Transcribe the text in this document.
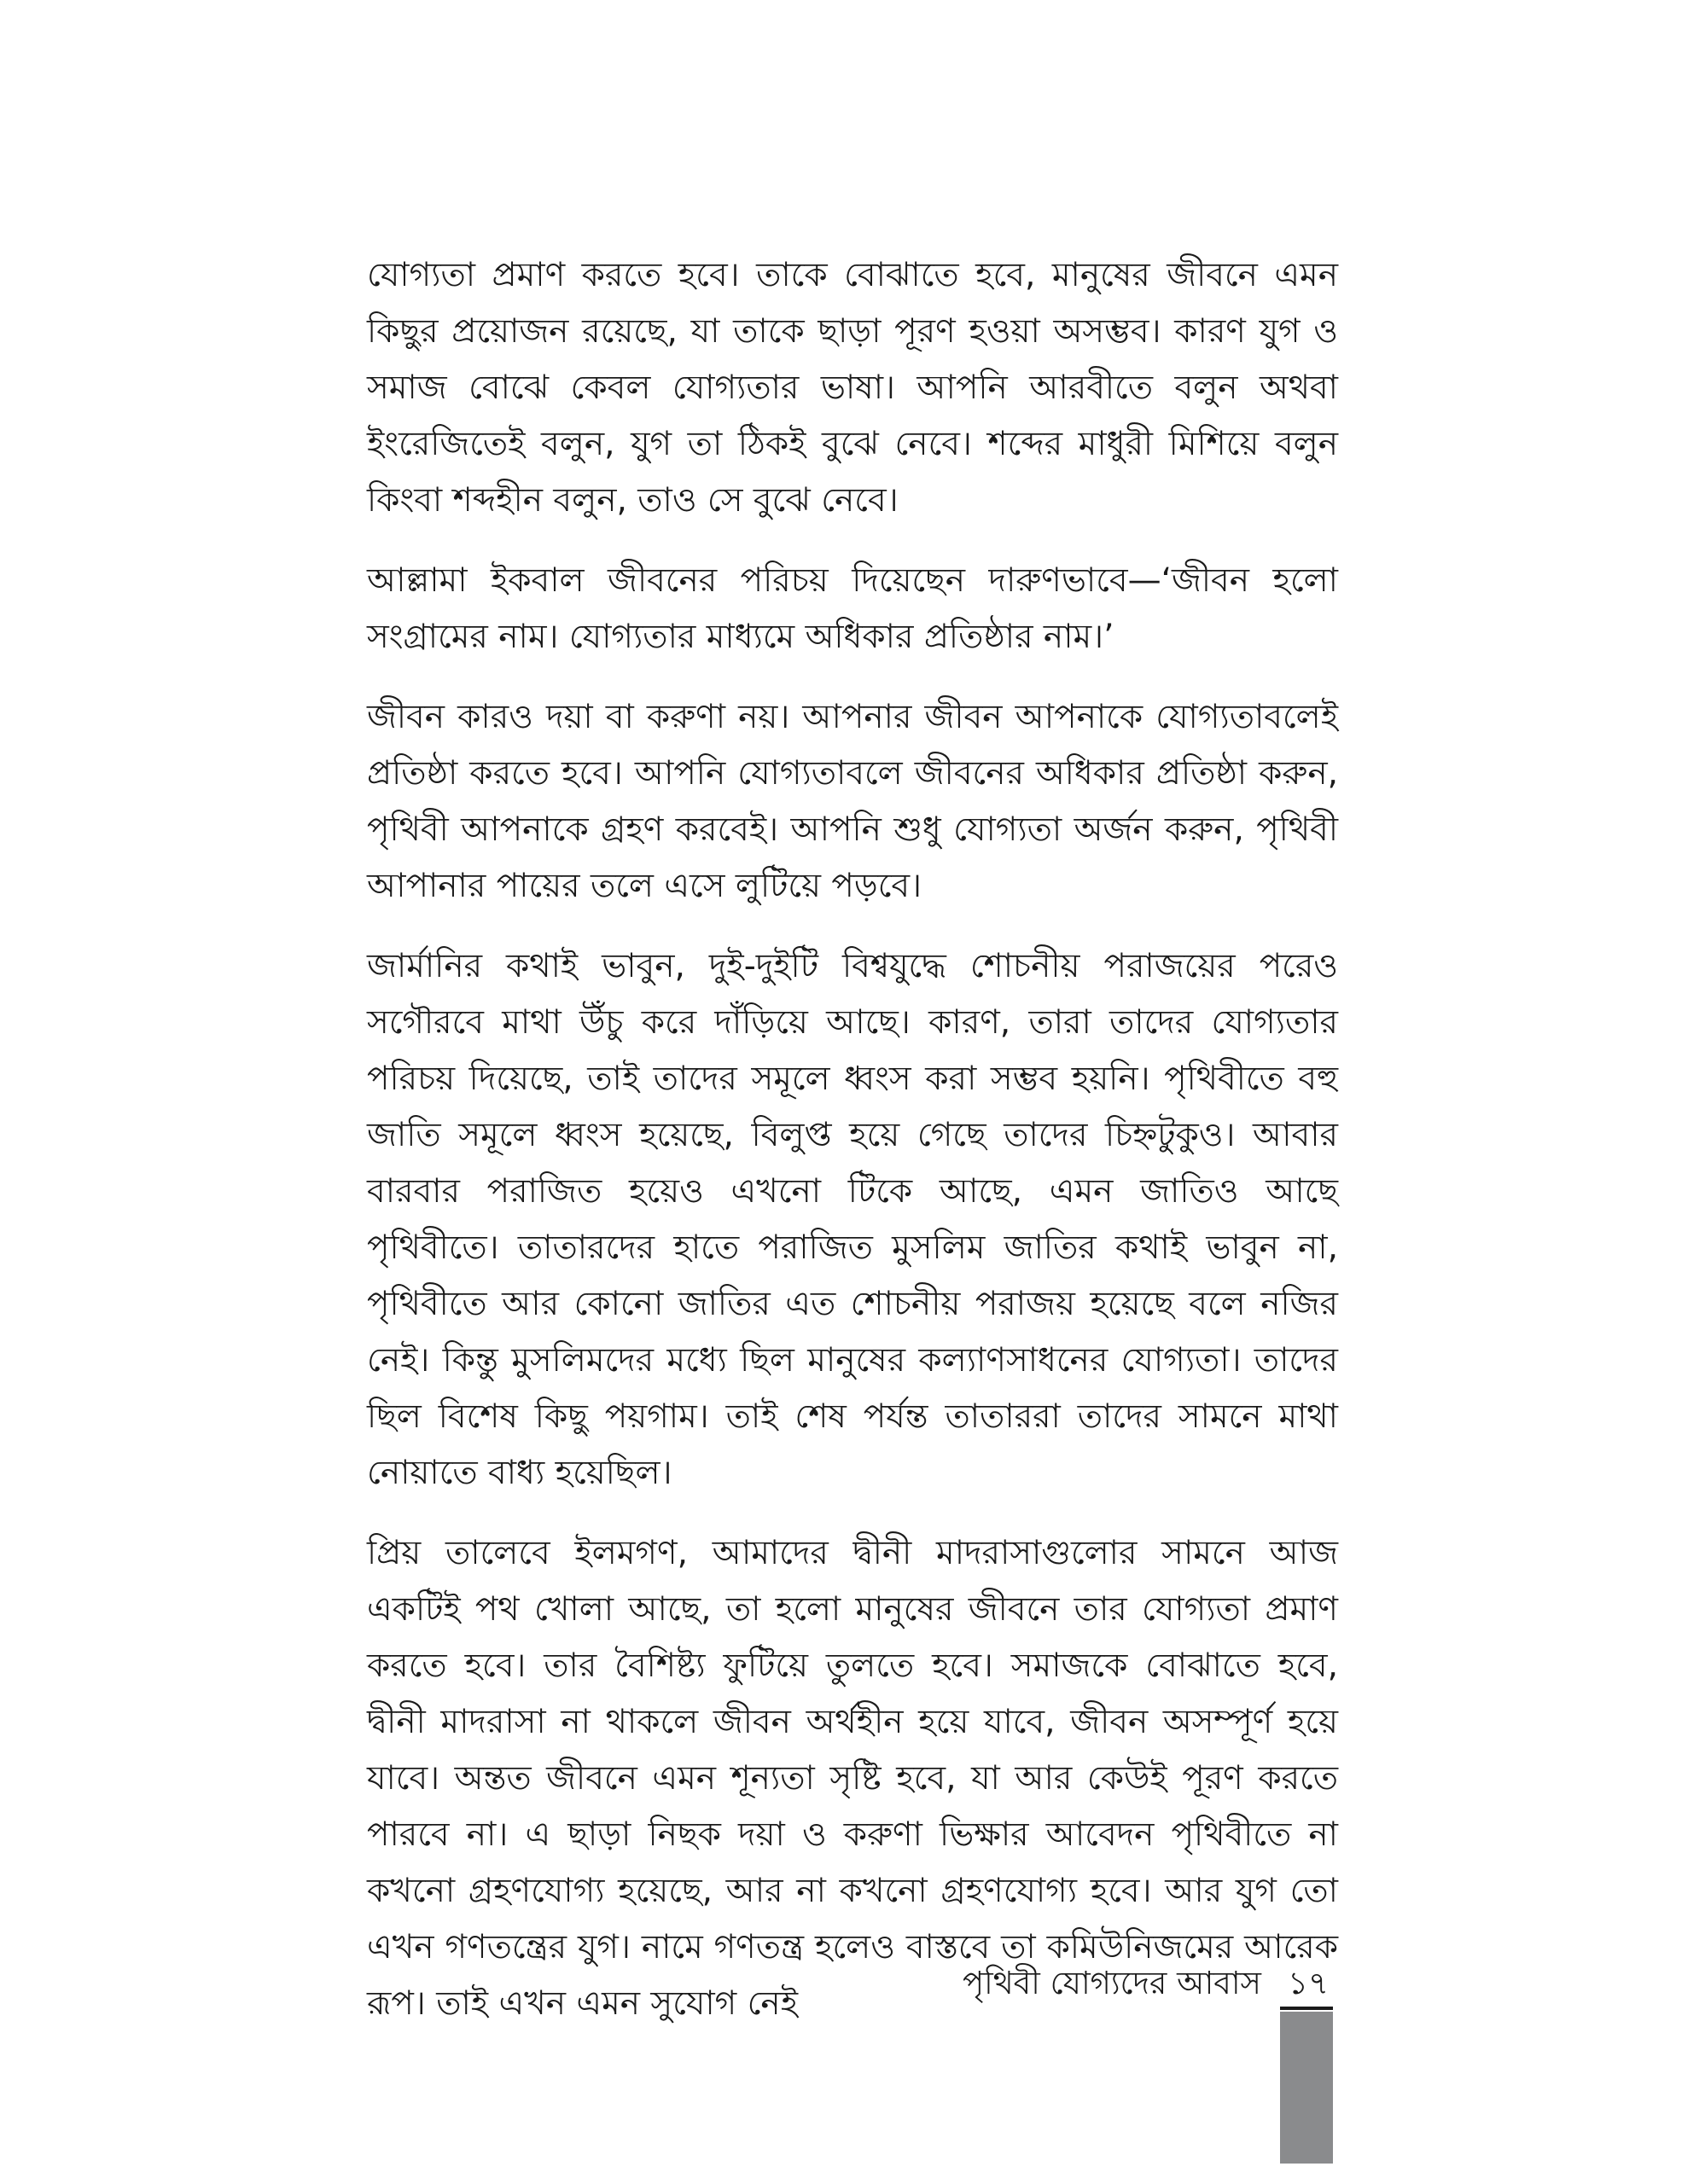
যোগ্যতা প্রমাণ করতে হবে। তাকে বোঝাতে হবে, মানুষের জীবনে এমন কিছুর প্রয়োজন রয়েছে, যা তাকে ছাড়া পূরণ হওয়া অসম্ভব। কারণ যুগ ও সমাজ বোঝে কেবল যোগ্যতার ভাষা। আপনি আরবীতে বলুন অথবা ইংরেজিতেই বলুন, যুগ তা ঠিকই বুঝে নেবে। শব্দের মাধুরী মিশিয়ে বলুন কিংবা শব্দহীন বলুন, তাও সে বুঝে নেবে।

আল্লামা ইকবাল জীবনের পরিচয় দিয়েছেন দারুণভাবে—‘জীবন হলো সংগ্রামের নাম। যোগ্যতার মাধ্যমে অধিকার প্রতিষ্ঠার নাম।’

জীবন কারও দয়া বা করুণা নয়। আপনার জীবন আপনাকে যোগ্যতাবলেই প্রতিষ্ঠা করতে হবে। আপনি যোগ্যতাবলে জীবনের অধিকার প্রতিষ্ঠা করুন, পৃথিবী আপনাকে গ্রহণ করবেই। আপনি শুধু যোগ্যতা অর্জন করুন, পৃথিবী আপানার পায়ের তলে এসে লুটিয়ে পড়বে।

জার্মানির কথাই ভাবুন, দুই-দুইটি বিশ্বযুদ্ধে শোচনীয় পরাজয়ের পরেও সগৌরবে মাথা উঁচু করে দাঁড়িয়ে আছে। কারণ, তারা তাদের যোগ্যতার পরিচয় দিয়েছে, তাই তাদের সমূলে ধ্বংস করা সম্ভব হয়নি। পৃথিবীতে বহু জাতি সমূলে ধ্বংস হয়েছে, বিলুপ্ত হয়ে গেছে তাদের চিহ্নটুকুও। আবার বারবার পরাজিত হয়েও এখনো টিকে আছে, এমন জাতিও আছে পৃথিবীতে। তাতারদের হাতে পরাজিত মুসলিম জাতির কথাই ভাবুন না, পৃথিবীতে আর কোনো জাতির এত শোচনীয় পরাজয় হয়েছে বলে নজির নেই। কিন্তু মুসলিমদের মধ্যে ছিল মানুষের কল্যাণসাধনের যোগ্যতা। তাদের ছিল বিশেষ কিছু পয়গাম। তাই শেষ পর্যন্ত তাতাররা তাদের সামনে মাথা নোয়াতে বাধ্য হয়েছিল।

প্রিয় তালেবে ইলমগণ, আমাদের দ্বীনী মাদরাসাগুলোর সামনে আজ একটিই পথ খোলা আছে, তা হলো মানুষের জীবনে তার যোগ্যতা প্রমাণ করতে হবে। তার বৈশিষ্ট্য ফুটিয়ে তুলতে হবে। সমাজকে বোঝাতে হবে, দ্বীনী মাদরাসা না থাকলে জীবন অর্থহীন হয়ে যাবে, জীবন অসম্পূর্ণ হয়ে যাবে। অন্তত জীবনে এমন শূন্যতা সৃষ্টি হবে, যা আর কেউই পূরণ করতে পারবে না। এ ছাড়া নিছক দয়া ও করুণা ভিক্ষার আবেদন পৃথিবীতে না কখনো গ্রহণযোগ্য হয়েছে, আর না কখনো গ্রহণযোগ্য হবে। আর যুগ তো এখন গণতন্ত্রের যুগ। নামে গণতন্ত্র হলেও বাস্তবে তা কমিউনিজমের আরেক রূপ। তাই এখন এমন সুযোগ নেই

পৃথিবী যোগ্যদের আবাস ১৭
